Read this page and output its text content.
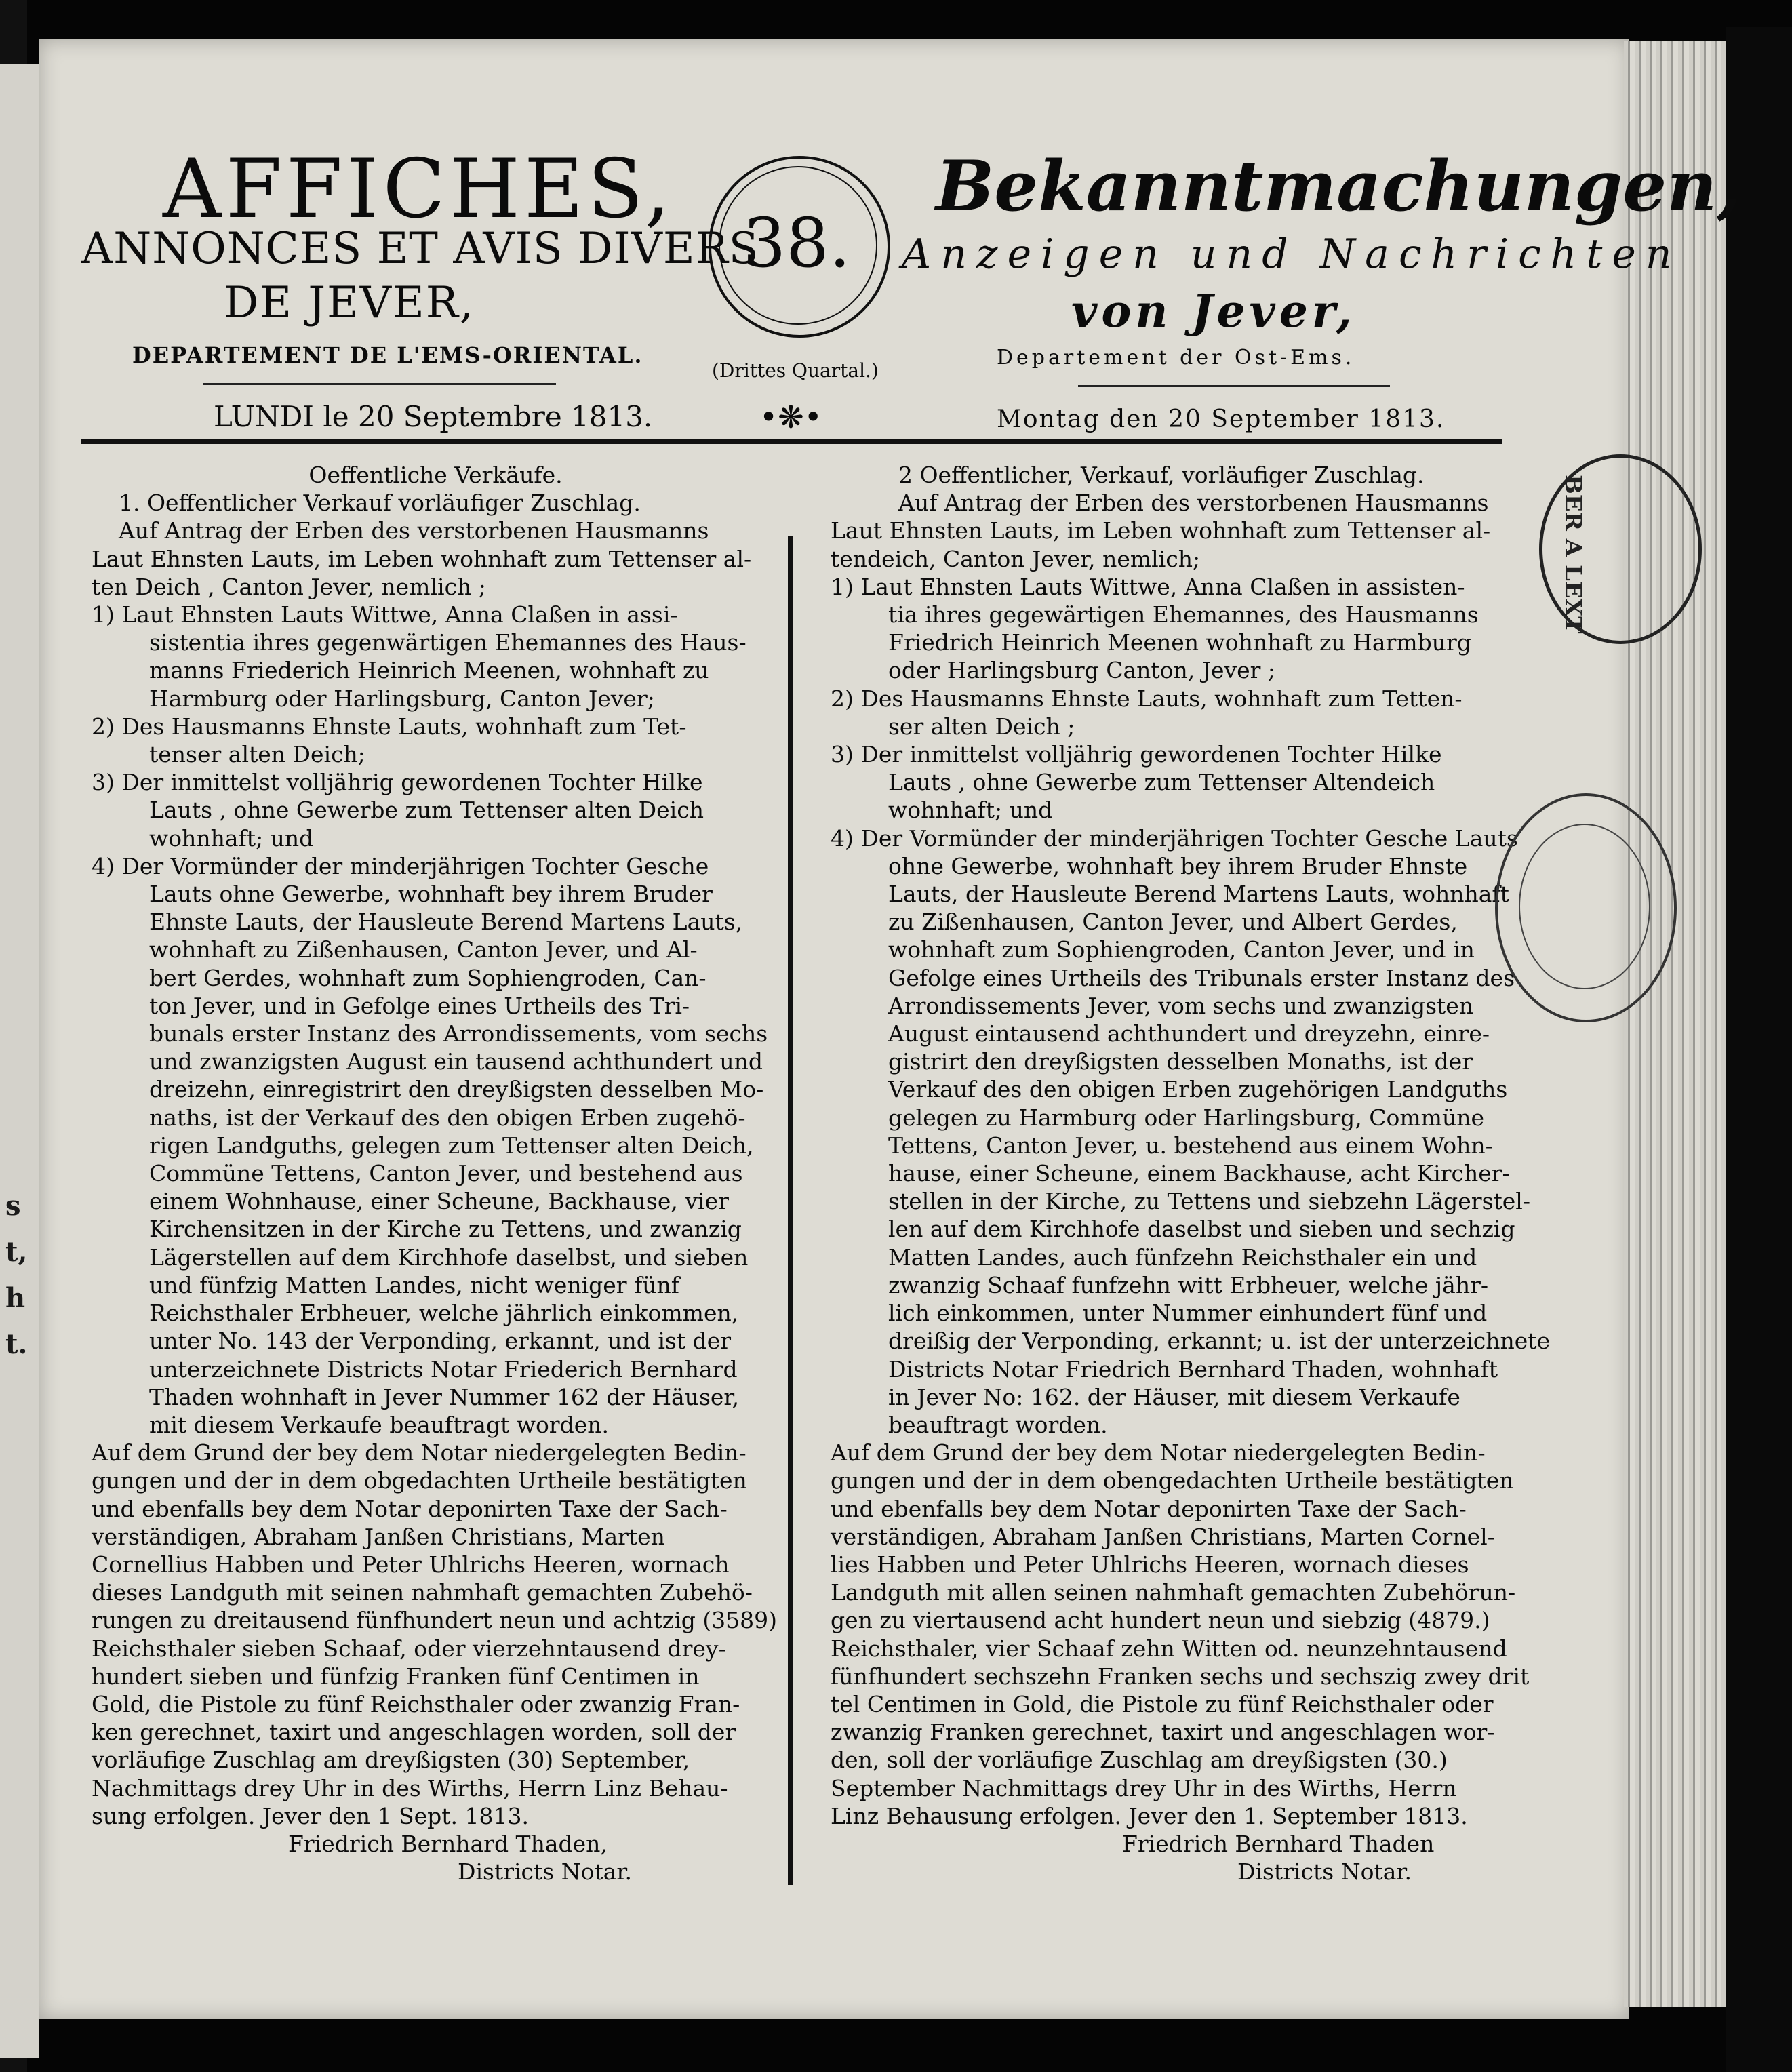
s
t,
h
t.
AFFICHES,
ANNONCES ET AVIS DIVERS
DE JEVER,
DEPARTEMENT DE L'EMS-ORIENTAL.
LUNDI le 20 Septembre 1813.
38.
(Drittes Quartal.)
•❋•
Bekanntmachungen,
Anzeigen und Nachrichten
von Jever,
Departement der Ost-Ems.
Montag den 20 September 1813.

Oeffentliche Verkäufe.

1. Oeffentlicher Verkauf vorläufiger Zuschlag.

Auf Antrag der Erben des verstorbenen Hausmanns

Laut Ehnsten Lauts, im Leben wohnhaft zum Tettenser al-

ten Deich , Canton Jever, nemlich ;

1) Laut Ehnsten Lauts Wittwe, Anna Claßen in assi-

sistentia ihres gegenwärtigen Ehemannes des Haus-

manns Friederich Heinrich Meenen, wohnhaft zu

Harmburg oder Harlingsburg, Canton Jever;

2) Des Hausmanns Ehnste Lauts, wohnhaft zum Tet-

tenser alten Deich;

3) Der inmittelst volljährig gewordenen Tochter Hilke

Lauts , ohne Gewerbe zum Tettenser alten Deich

wohnhaft; und

4) Der Vormünder der minderjährigen Tochter Gesche

Lauts ohne Gewerbe, wohnhaft bey ihrem Bruder

Ehnste Lauts, der Hausleute Berend Martens Lauts,

wohnhaft zu Zißenhausen, Canton Jever, und Al-

bert Gerdes, wohnhaft zum Sophiengroden, Can-

ton Jever, und in Gefolge eines Urtheils des Tri-

bunals erster Instanz des Arrondissements, vom sechs

und zwanzigsten August ein tausend achthundert und

dreizehn, einregistrirt den dreyßigsten desselben Mo-

naths, ist der Verkauf des den obigen Erben zugehö-

rigen Landguths, gelegen zum Tettenser alten Deich,

Commüne Tettens, Canton Jever, und bestehend aus

einem Wohnhause, einer Scheune, Backhause, vier

Kirchensitzen in der Kirche zu Tettens, und zwanzig

Lägerstellen auf dem Kirchhofe daselbst, und sieben

und fünfzig Matten Landes, nicht weniger fünf

Reichsthaler Erbheuer, welche jährlich einkommen,

unter No. 143 der Verponding, erkannt, und ist der

unterzeichnete Districts Notar Friederich Bernhard

Thaden wohnhaft in Jever Nummer 162 der Häuser,

mit diesem Verkaufe beauftragt worden.

Auf dem Grund der bey dem Notar niedergelegten Bedin-

gungen und der in dem obgedachten Urtheile bestätigten

und ebenfalls bey dem Notar deponirten Taxe der Sach-

verständigen, Abraham Janßen Christians, Marten

Cornellius Habben und Peter Uhlrichs Heeren, wornach

dieses Landguth mit seinen nahmhaft gemachten Zubehö-

rungen zu dreitausend fünfhundert neun und achtzig (3589)

Reichsthaler sieben Schaaf, oder vierzehntausend drey-

hundert sieben und fünfzig Franken fünf Centimen in

Gold, die Pistole zu fünf Reichsthaler oder zwanzig Fran-

ken gerechnet, taxirt und angeschlagen worden, soll der

vorläufige Zuschlag am dreyßigsten (30) September,

Nachmittags drey Uhr in des Wirths, Herrn Linz Behau-

sung erfolgen. Jever den 1 Sept. 1813.

Friedrich Bernhard Thaden,

Districts Notar.

2 Oeffentlicher, Verkauf, vorläufiger Zuschlag.

Auf Antrag der Erben des verstorbenen Hausmanns

Laut Ehnsten Lauts, im Leben wohnhaft zum Tettenser al-

tendeich, Canton Jever, nemlich;

1) Laut Ehnsten Lauts Wittwe, Anna Claßen in assisten-

tia ihres gegewärtigen Ehemannes, des Hausmanns

Friedrich Heinrich Meenen wohnhaft zu Harmburg

oder Harlingsburg Canton, Jever ;

2) Des Hausmanns Ehnste Lauts, wohnhaft zum Tetten-

ser alten Deich ;

3) Der inmittelst volljährig gewordenen Tochter Hilke

Lauts , ohne Gewerbe zum Tettenser Altendeich

wohnhaft; und

4) Der Vormünder der minderjährigen Tochter Gesche Lauts

ohne Gewerbe, wohnhaft bey ihrem Bruder Ehnste

Lauts, der Hausleute Berend Martens Lauts, wohnhaft

zu Zißenhausen, Canton Jever, und Albert Gerdes,

wohnhaft zum Sophiengroden, Canton Jever, und in

Gefolge eines Urtheils des Tribunals erster Instanz des

Arrondissements Jever, vom sechs und zwanzigsten

August eintausend achthundert und dreyzehn, einre-

gistrirt den dreyßigsten desselben Monaths, ist der

Verkauf des den obigen Erben zugehörigen Landguths

gelegen zu Harmburg oder Harlingsburg, Commüne

Tettens, Canton Jever, u. bestehend aus einem Wohn-

hause, einer Scheune, einem Backhause, acht Kircher-

stellen in der Kirche, zu Tettens und siebzehn Lägerstel-

len auf dem Kirchhofe daselbst und sieben und sechzig

Matten Landes, auch fünfzehn Reichsthaler ein und

zwanzig Schaaf funfzehn witt Erbheuer, welche jähr-

lich einkommen, unter Nummer einhundert fünf und

dreißig der Verponding, erkannt; u. ist der unterzeichnete

Districts Notar Friedrich Bernhard Thaden, wohnhaft

in Jever No: 162. der Häuser, mit diesem Verkaufe

beauftragt worden.

Auf dem Grund der bey dem Notar niedergelegten Bedin-

gungen und der in dem obengedachten Urtheile bestätigten

und ebenfalls bey dem Notar deponirten Taxe der Sach-

verständigen, Abraham Janßen Christians, Marten Cornel-

lies Habben und Peter Uhlrichs Heeren, wornach dieses

Landguth mit allen seinen nahmhaft gemachten Zubehörun-

gen zu viertausend acht hundert neun und siebzig (4879.)

Reichsthaler, vier Schaaf zehn Witten od. neunzehntausend

fünfhundert sechszehn Franken sechs und sechszig zwey drit

tel Centimen in Gold, die Pistole zu fünf Reichsthaler oder

zwanzig Franken gerechnet, taxirt und angeschlagen wor-

den, soll der vorläufige Zuschlag am dreyßigsten (30.)

September Nachmittags drey Uhr in des Wirths, Herrn

Linz Behausung erfolgen. Jever den 1. September 1813.

Friedrich Bernhard Thaden

Districts Notar.

BER A LEXT
